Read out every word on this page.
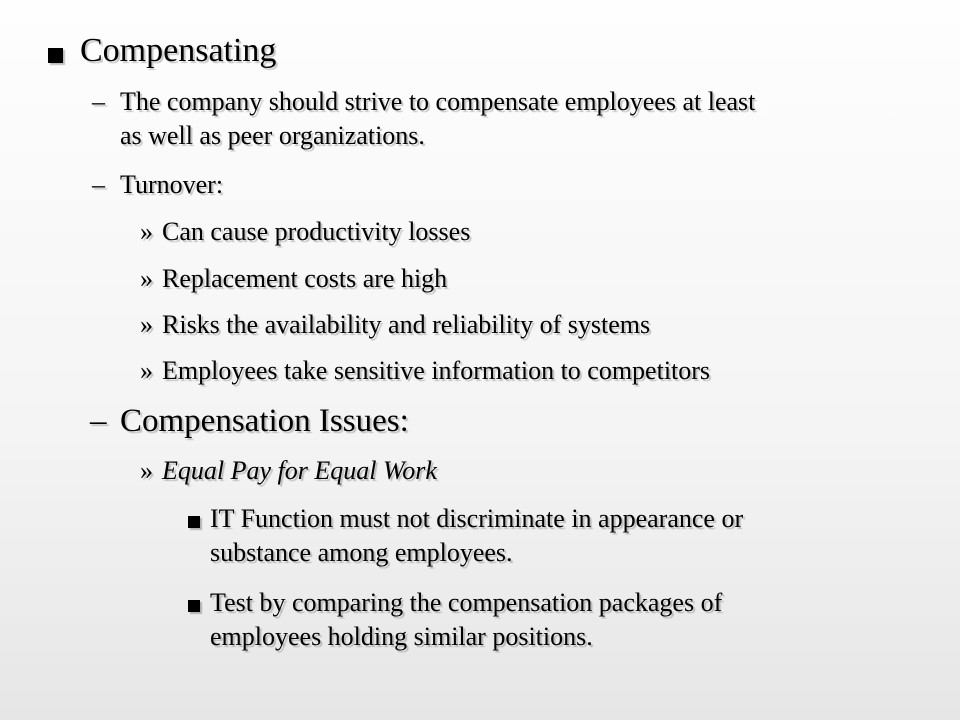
Compensating
– The company should strive to compensate employees at least
as well as peer organizations.
– Turnover:
» Can cause productivity losses
» Replacement costs are high
» Risks the availability and reliability of systems
» Employees take sensitive information to competitors
– Compensation Issues:
» Equal Pay for Equal Work
IT Function must not discriminate in appearance or
substance among employees.
Test by comparing the compensation packages of
employees holding similar positions.
